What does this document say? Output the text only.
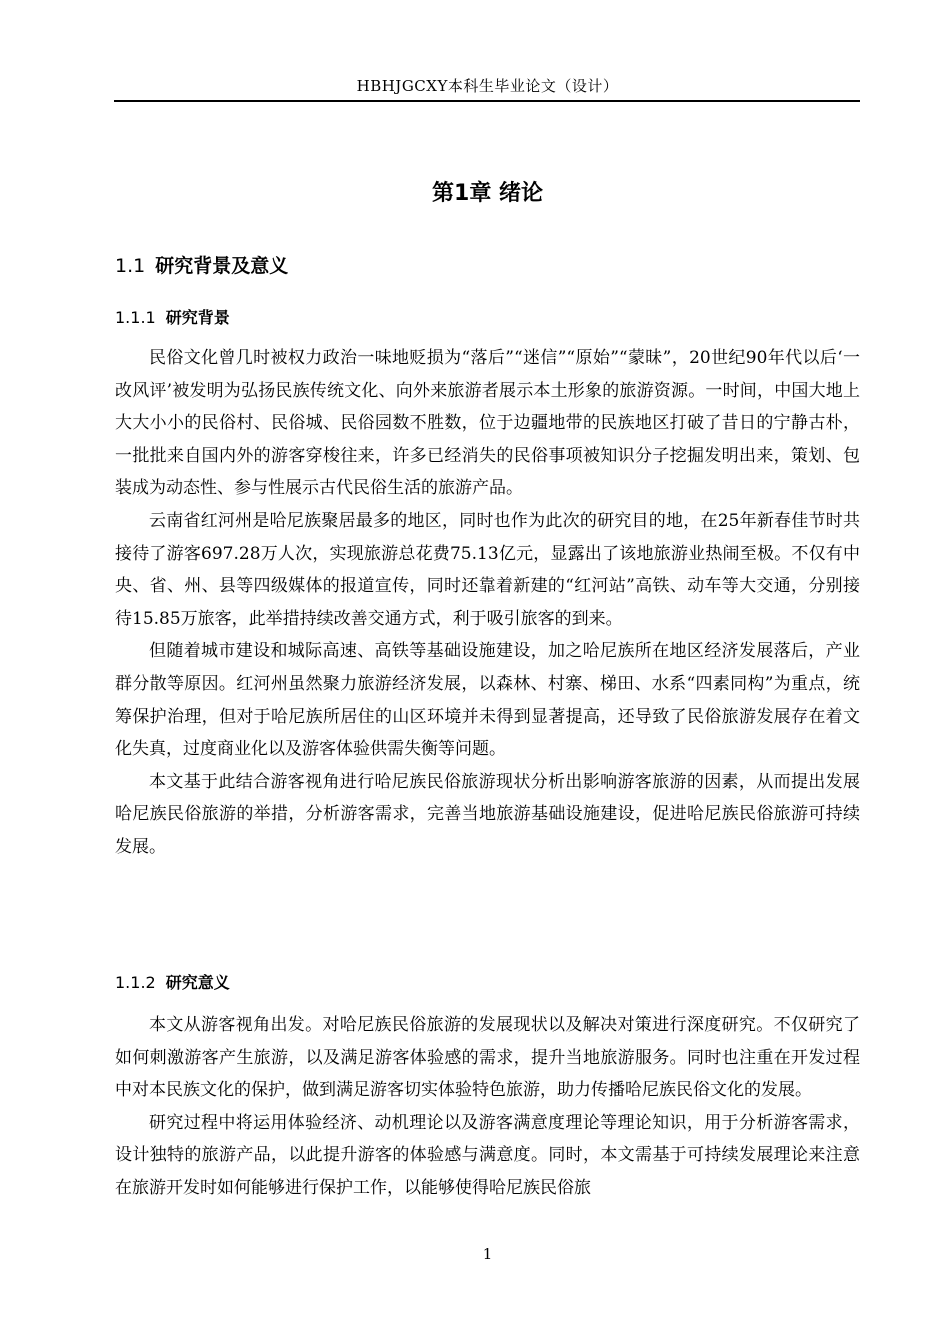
HBHJGCXY本科生毕业论文（设计）
第1章 绪论
1.1 研究背景及意义
1.1.1 研究背景

民俗文化曾几时被权力政治一味地贬损为“落后”“迷信”“原始”“蒙昧”，20世纪90年代以后‘一改风评’被发明为弘扬民族传统文化、向外来旅游者展示本土形象的旅游资源。一时间，中国大地上大大小小的民俗村、民俗城、民俗园数不胜数，位于边疆地带的民族地区打破了昔日的宁静古朴，一批批来自国内外的游客穿梭往来，许多已经消失的民俗事项被知识分子挖掘发明出来，策划、包装成为动态性、参与性展示古代民俗生活的旅游产品。

云南省红河州是哈尼族聚居最多的地区，同时也作为此次的研究目的地，在25年新春佳节时共接待了游客697.28万人次，实现旅游总花费75.13亿元，显露出了该地旅游业热闹至极。不仅有中央、省、州、县等四级媒体的报道宣传，同时还靠着新建的“红河站”高铁、动车等大交通，分别接待15.85万旅客，此举措持续改善交通方式，利于吸引旅客的到来。

但随着城市建设和城际高速、高铁等基础设施建设，加之哈尼族所在地区经济发展落后，产业群分散等原因。红河州虽然聚力旅游经济发展，以森林、村寨、梯田、水系“四素同构”为重点，统筹保护治理，但对于哈尼族所居住的山区环境并未得到显著提高，还导致了民俗旅游发展存在着文化失真，过度商业化以及游客体验供需失衡等问题。

本文基于此结合游客视角进行哈尼族民俗旅游现状分析出影响游客旅游的因素，从而提出发展哈尼族民俗旅游的举措，分析游客需求，完善当地旅游基础设施建设，促进哈尼族民俗旅游可持续发展。

1.1.2 研究意义

本文从游客视角出发。对哈尼族民俗旅游的发展现状以及解决对策进行深度研究。不仅研究了如何刺激游客产生旅游，以及满足游客体验感的需求，提升当地旅游服务。同时也注重在开发过程中对本民族文化的保护，做到满足游客切实体验特色旅游，助力传播哈尼族民俗文化的发展。

研究过程中将运用体验经济、动机理论以及游客满意度理论等理论知识，用于分析游客需求，设计独特的旅游产品，以此提升游客的体验感与满意度。同时，本文需基于可持续发展理论来注意在旅游开发时如何能够进行保护工作，以能够使得哈尼族民俗旅

1
